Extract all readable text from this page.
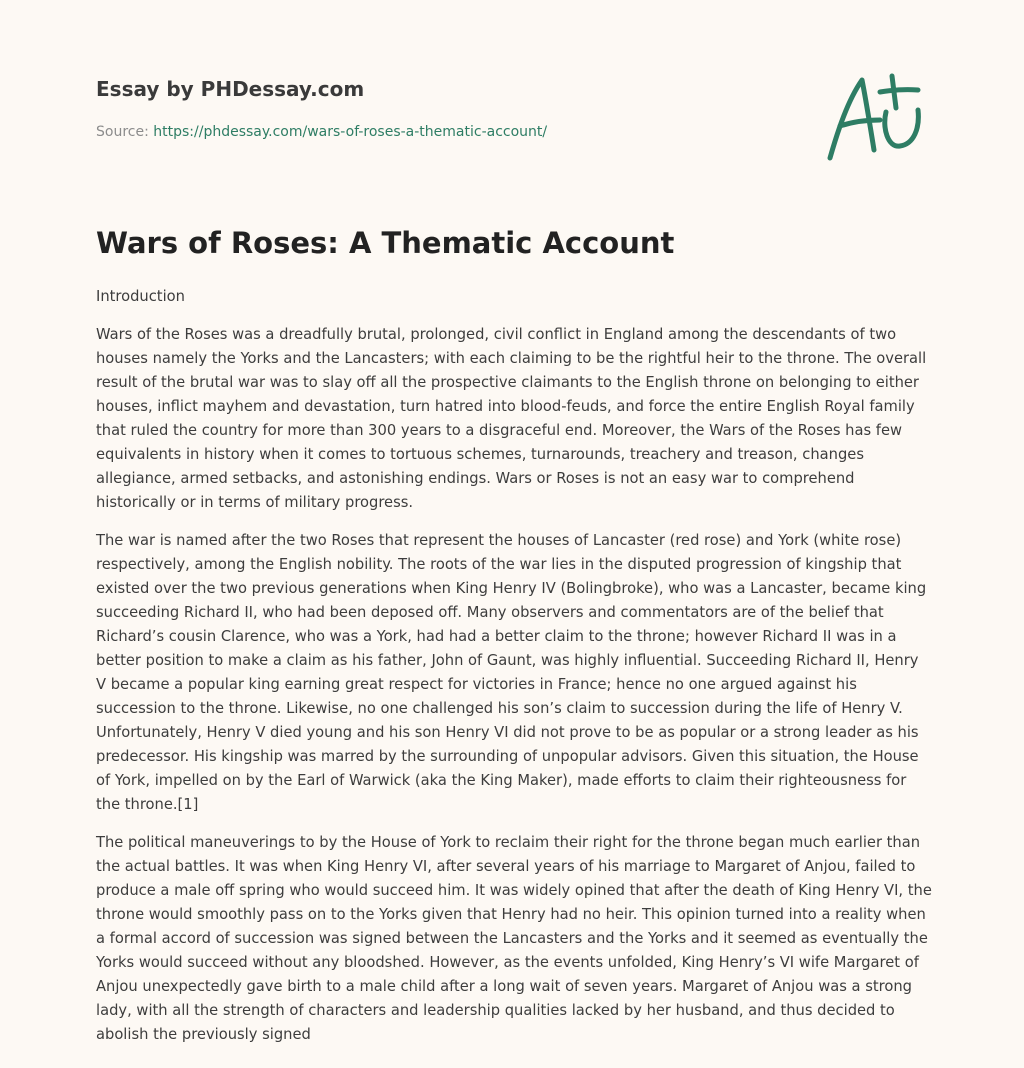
Essay by PHDessay.com
Source: https://phdessay.com/wars-of-roses-a-thematic-account/
Wars of Roses: A Thematic Account

Introduction

Wars of the Roses was a dreadfully brutal, prolonged, civil conflict in England among the descendants of two houses namely the Yorks and the Lancasters; with each claiming to be the rightful heir to the throne. The overall result of the brutal war was to slay off all the prospective claimants to the English throne on belonging to either houses, inflict mayhem and devastation, turn hatred into blood-feuds, and force the entire English Royal family that ruled the country for more than 300 years to a disgraceful end. Moreover, the Wars of the Roses has few equivalents in history when it comes to tortuous schemes, turnarounds, treachery and treason, changes allegiance, armed setbacks, and astonishing endings. Wars or Roses is not an easy war to comprehend historically or in terms of military progress.

The war is named after the two Roses that represent the houses of Lancaster (red rose) and York (white rose) respectively, among the English nobility. The roots of the war lies in the disputed progression of kingship that existed over the two previous generations when King Henry IV (Bolingbroke), who was a Lancaster, became king succeeding Richard II, who had been deposed off. Many observers and commentators are of the belief that Richard’s cousin Clarence, who was a York, had had a better claim to the throne; however Richard II was in a better position to make a claim as his father, John of Gaunt, was highly influential. Succeeding Richard II, Henry V became a popular king earning great respect for victories in France; hence no one argued against his succession to the throne. Likewise, no one challenged his son’s claim to succession during the life of Henry V. Unfortunately, Henry V died young and his son Henry VI did not prove to be as popular or a strong leader as his predecessor. His kingship was marred by the surrounding of unpopular advisors. Given this situation, the House of York, impelled on by the Earl of Warwick (aka the King Maker), made efforts to claim their righteousness for the throne.[1]

The political maneuverings to by the House of York to reclaim their right for the throne began much earlier than the actual battles. It was when King Henry VI, after several years of his marriage to Margaret of Anjou, failed to produce a male off spring who would succeed him. It was widely opined that after the death of King Henry VI, the throne would smoothly pass on to the Yorks given that Henry had no heir. This opinion turned into a reality when a formal accord of succession was signed between the Lancasters and the Yorks and it seemed as eventually the Yorks would succeed without any bloodshed. However, as the events unfolded, King Henry’s VI wife Margaret of Anjou unexpectedly gave birth to a male child after a long wait of seven years. Margaret of Anjou was a strong lady, with all the strength of characters and leadership qualities lacked by her husband, and thus decided to abolish the previously signed
